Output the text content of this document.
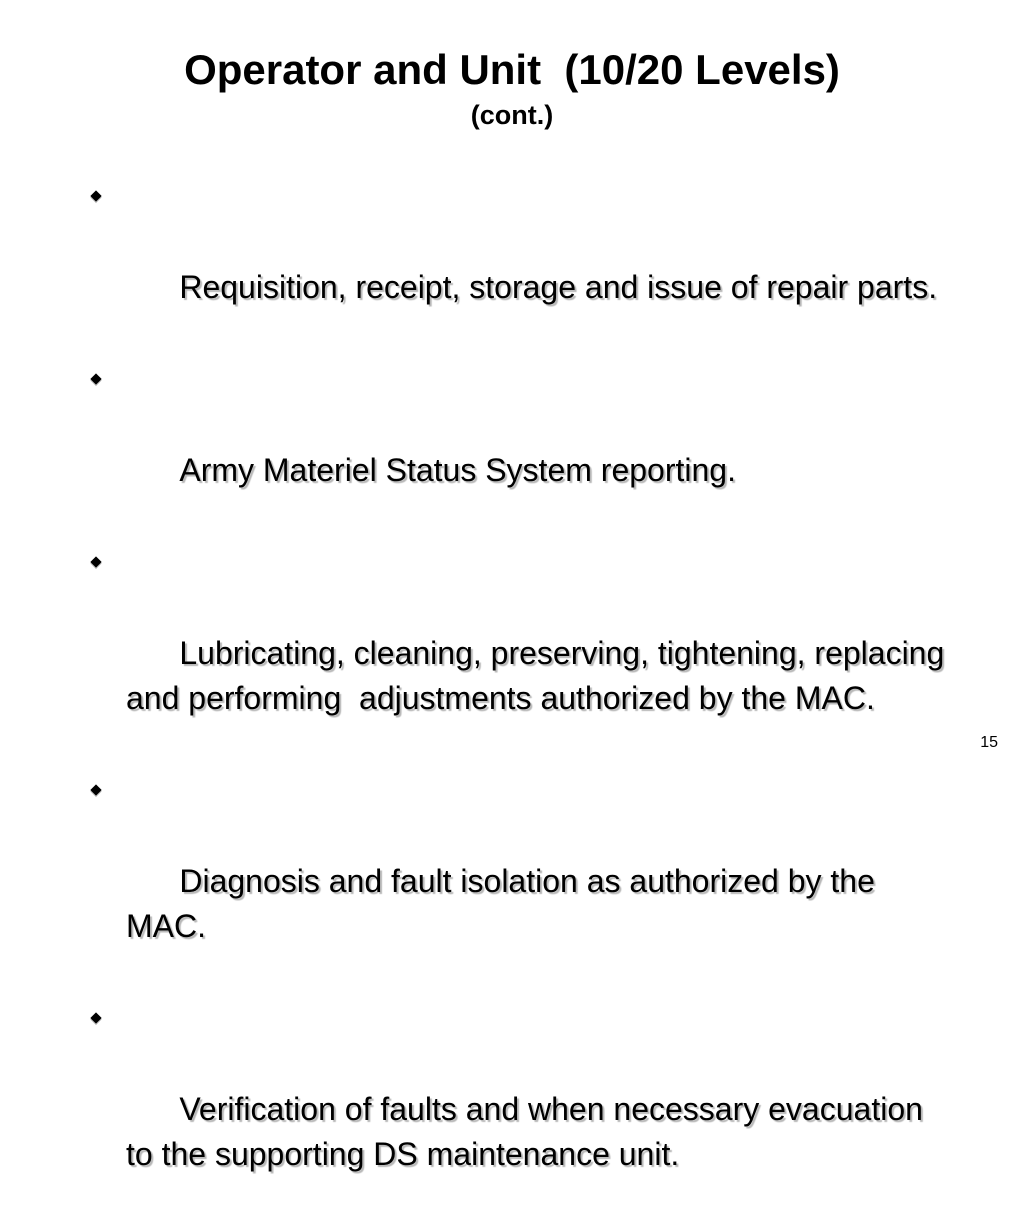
Operator and Unit  (10/20 Levels)
(cont.)

Requisition, receipt, storage and issue of repair parts.

Army Materiel Status System reporting.

Lubricating, cleaning, preserving, tightening, replacing and performing  adjustments authorized by the MAC.

Diagnosis and fault isolation as authorized by the MAC.

Verification of faults and when necessary evacuation to the supporting DS maintenance unit.

15
